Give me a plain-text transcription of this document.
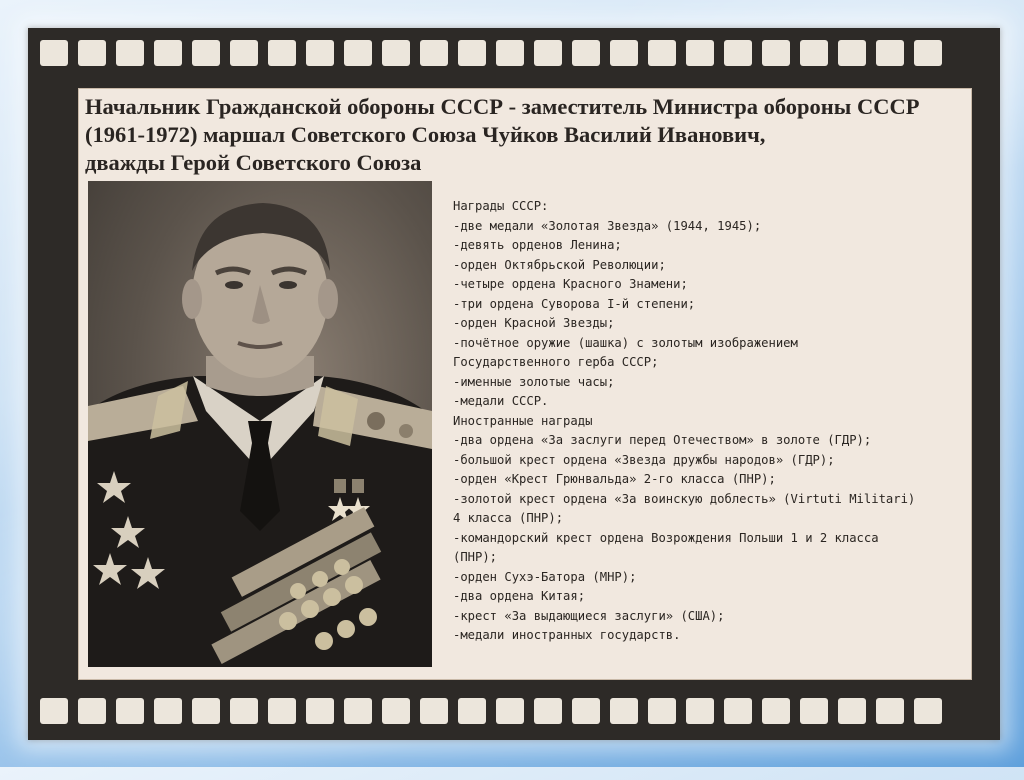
Начальник Гражданской обороны СССР - заместитель Министра обороны СССР
(1961-1972) маршал Советского Союза Чуйков Василий Иванович,
дважды Герой Советского Союза
Награды СССР:
-две медали «Золотая Звезда» (1944, 1945);
-девять орденов Ленина;
-орден Октябрьской Революции;
-четыре ордена Красного Знамени;
-три ордена Суворова I-й степени;
-орден Красной Звезды;
-почётное оружие (шашка) с золотым изображением
Государственного герба СССР;
-именные золотые часы;
-медали СССР.
Иностранные награды
-два ордена «За заслуги перед Отечеством» в золоте (ГДР);
-большой крест ордена «Звезда дружбы народов» (ГДР);
-орден «Крест Грюнвальда» 2-го класса (ПНР);
-золотой крест ордена «За воинскую доблесть» (Virtuti Militari)
4 класса (ПНР);
-командорский крест ордена Возрождения Польши 1 и 2 класса
(ПНР);
-орден Сухэ-Батора (МНР);
-два ордена Китая;
-крест «За выдающиеся заслуги» (США);
-медали иностранных государств.
